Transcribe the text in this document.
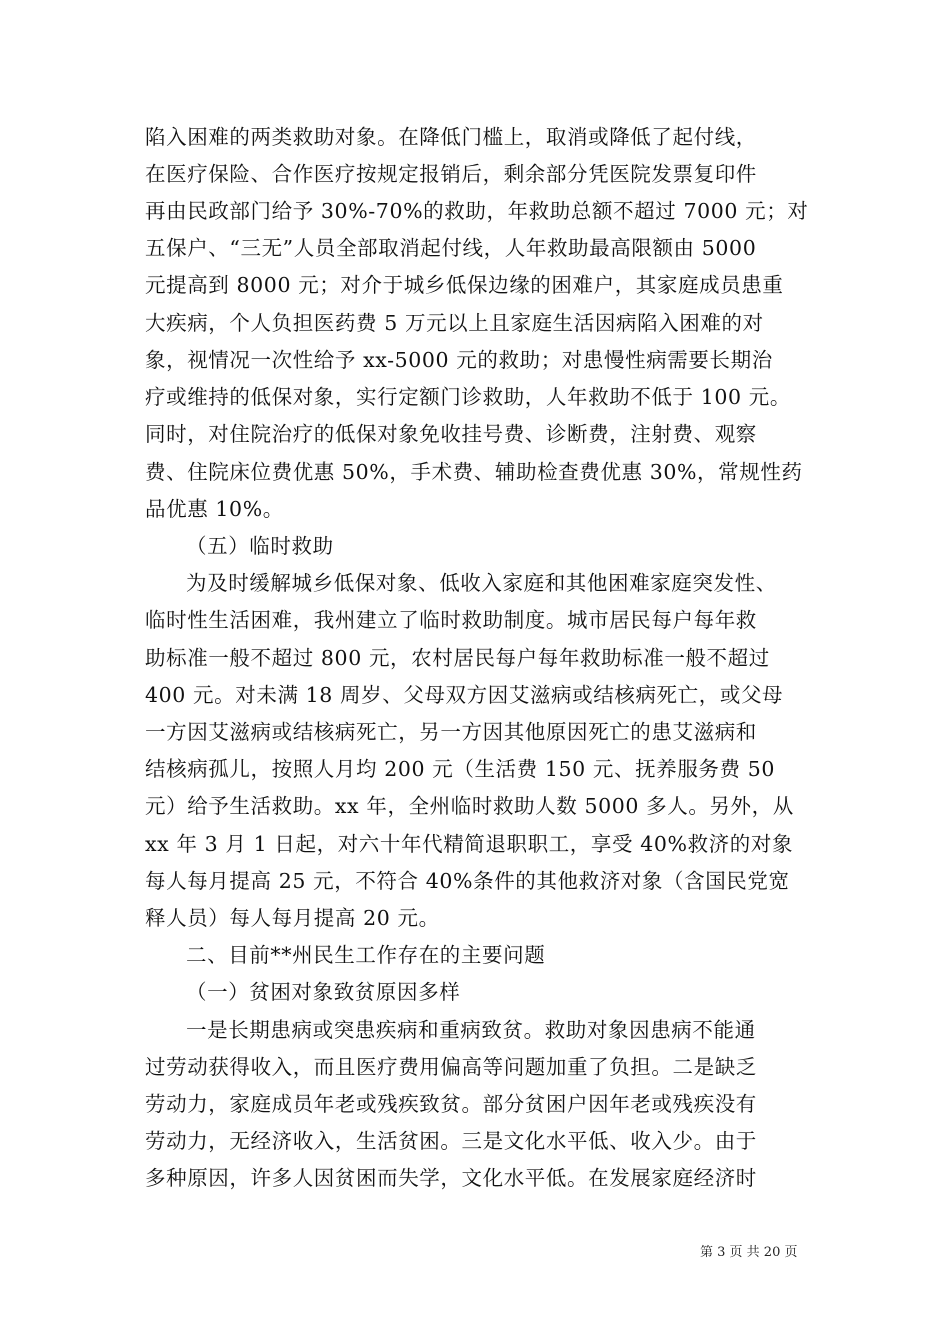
陷入困难的两类救助对象。在降低门槛上，取消或降低了起付线，
在医疗保险、合作医疗按规定报销后，剩余部分凭医院发票复印件
再由民政部门给予 30%-70%的救助，年救助总额不超过 7000 元；对
五保户、“三无”人员全部取消起付线，人年救助最高限额由 5000
元提高到 8000 元；对介于城乡低保边缘的困难户，其家庭成员患重
大疾病，个人负担医药费 5 万元以上且家庭生活因病陷入困难的对
象，视情况一次性给予 xx-5000 元的救助；对患慢性病需要长期治
疗或维持的低保对象，实行定额门诊救助，人年救助不低于 100 元。
同时，对住院治疗的低保对象免收挂号费、诊断费，注射费、观察
费、住院床位费优惠 50%，手术费、辅助检查费优惠 30%，常规性药
品优惠 10%。
（五）临时救助
为及时缓解城乡低保对象、低收入家庭和其他困难家庭突发性、
临时性生活困难，我州建立了临时救助制度。城市居民每户每年救
助标准一般不超过 800 元，农村居民每户每年救助标准一般不超过
400 元。对未满 18 周岁、父母双方因艾滋病或结核病死亡，或父母
一方因艾滋病或结核病死亡，另一方因其他原因死亡的患艾滋病和
结核病孤儿，按照人月均 200 元（生活费 150 元、抚养服务费 50
元）给予生活救助。xx 年，全州临时救助人数 5000 多人。另外，从
xx 年 3 月 1 日起，对六十年代精简退职职工，享受 40%救济的对象
每人每月提高 25 元，不符合 40%条件的其他救济对象（含国民党宽
释人员）每人每月提高 20 元。
二、目前**州民生工作存在的主要问题
（一）贫困对象致贫原因多样
一是长期患病或突患疾病和重病致贫。救助对象因患病不能通
过劳动获得收入，而且医疗费用偏高等问题加重了负担。二是缺乏
劳动力，家庭成员年老或残疾致贫。部分贫困户因年老或残疾没有
劳动力，无经济收入，生活贫困。三是文化水平低、收入少。由于
多种原因，许多人因贫困而失学，文化水平低。在发展家庭经济时
第 3 页 共 20 页
